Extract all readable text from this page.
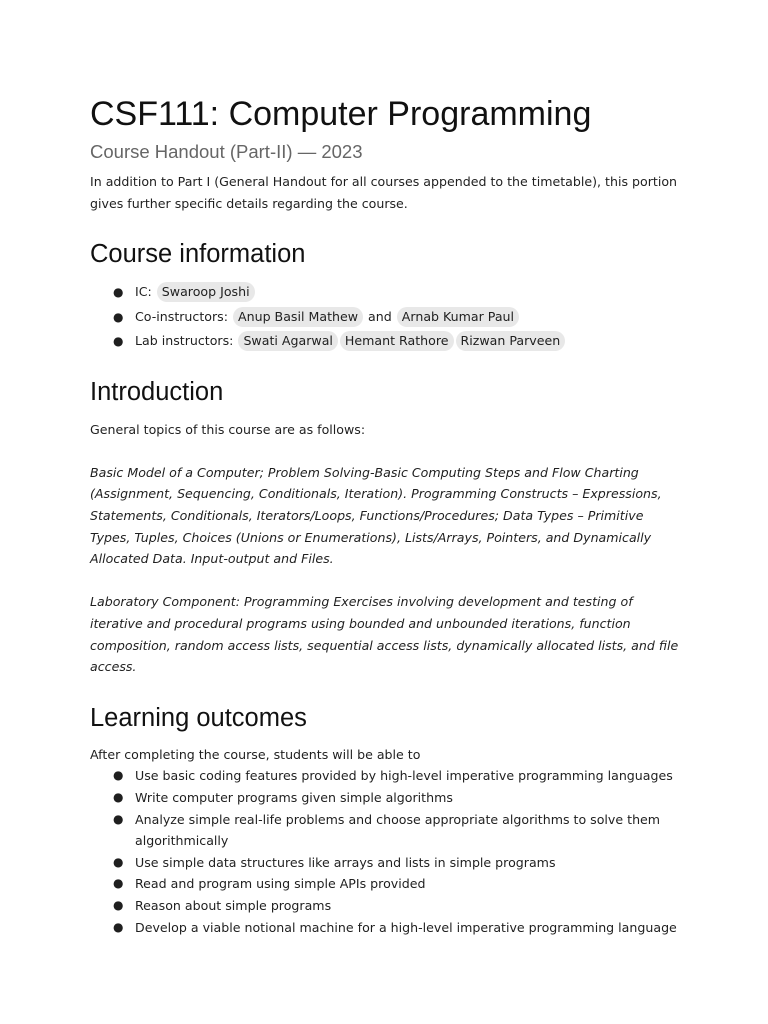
CSF111: Computer Programming
Course Handout (Part-II) — 2023

In addition to Part I (General Handout for all courses appended to the timetable), this portion gives further specific details regarding the course.

Course information
● IC: Swaroop Joshi
● Co-instructors: Anup Basil Mathew and Arnab Kumar Paul
● Lab instructors: Swati Agarwal Hemant Rathore Rizwan Parveen
Introduction

General topics of this course are as follows:

Basic Model of a Computer; Problem Solving-Basic Computing Steps and Flow Charting (Assignment, Sequencing, Conditionals, Iteration). Programming Constructs – Expressions, Statements, Conditionals, Iterators/Loops, Functions/Procedures; Data Types – Primitive Types, Tuples, Choices (Unions or Enumerations), Lists/Arrays, Pointers, and Dynamically Allocated Data. Input-output and Files.

Laboratory Component: Programming Exercises involving development and testing of iterative and procedural programs using bounded and unbounded iterations, function composition, random access lists, sequential access lists, dynamically allocated lists, and file access.

Learning outcomes

After completing the course, students will be able to

● Use basic coding features provided by high-level imperative programming languages
● Write computer programs given simple algorithms
● Analyze simple real-life problems and choose appropriate algorithms to solve them algorithmically
● Use simple data structures like arrays and lists in simple programs
● Read and program using simple APIs provided
● Reason about simple programs
● Develop a viable notional machine for a high-level imperative programming language
